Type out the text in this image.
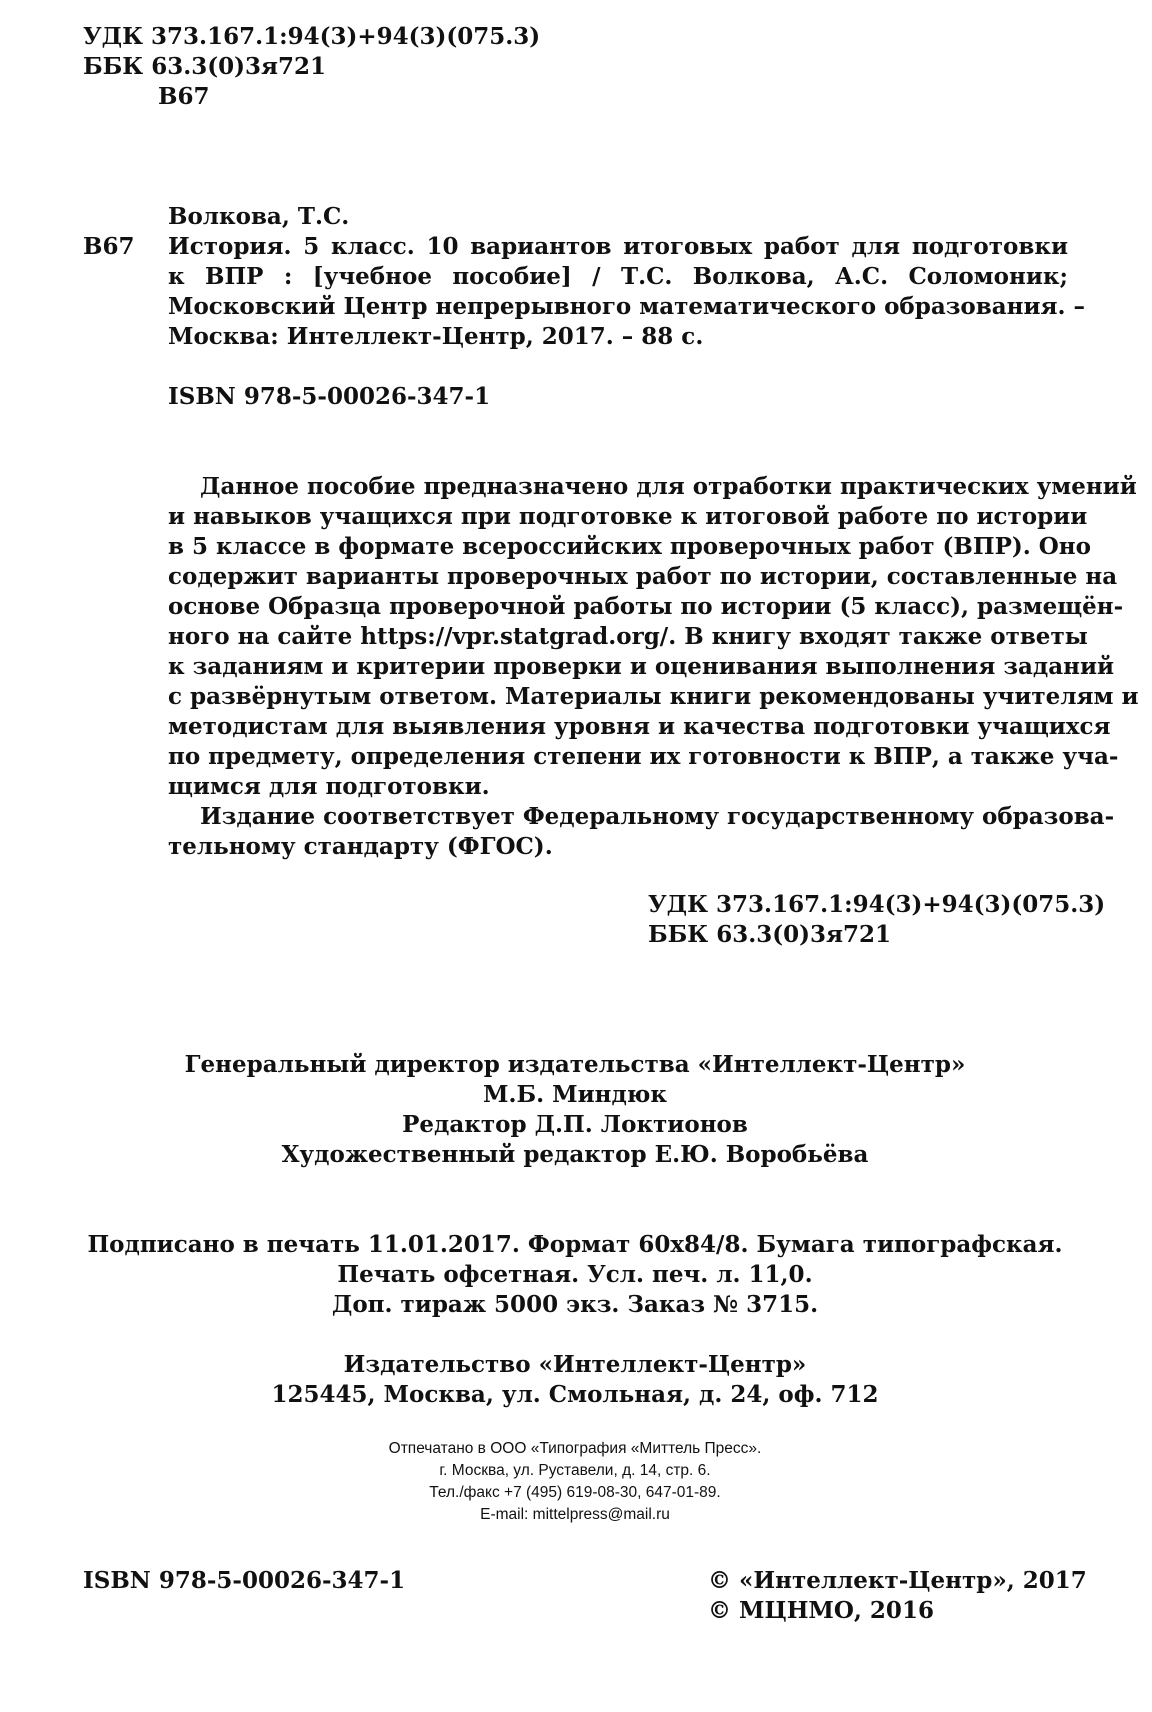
УДК 373.167.1:94(3)+94(3)(075.3)
ББК 63.3(0)3я721
В67
Волкова, Т.С.
В67 История. 5 класс. 10 вариантов итоговых работ для подготовки
к ВПР : [учебное пособие] / Т.С. Волкова, А.С. Соломоник;
Московский Центр непрерывного математического образования. –
Москва: Интеллект-Центр, 2017. – 88 с.
ISBN 978-5-00026-347-1
Данное пособие предназначено для отработки практических умений
и навыков учащихся при подготовке к итоговой работе по истории
в 5 классе в формате всероссийских проверочных работ (ВПР). Оно
содержит варианты проверочных работ по истории, составленные на
основе Образца проверочной работы по истории (5 класс), размещён-
ного на сайте https://vpr.statgrad.org/. В книгу входят также ответы
к заданиям и критерии проверки и оценивания выполнения заданий
с развёрнутым ответом. Материалы книги рекомендованы учителям и
методистам для выявления уровня и качества подготовки учащихся
по предмету, определения степени их готовности к ВПР, а также уча-
щимся для подготовки.
Издание соответствует Федеральному государственному образова-
тельному стандарту (ФГОС).
УДК 373.167.1:94(3)+94(3)(075.3)
ББК 63.3(0)3я721
Генеральный директор издательства «Интеллект-Центр»
М.Б. Миндюк
Редактор Д.П. Локтионов
Художественный редактор Е.Ю. Воробьёва
Подписано в печать 11.01.2017. Формат 60х84/8. Бумага типографская.
Печать офсетная. Усл. печ. л. 11,0.
Доп. тираж 5000 экз. Заказ № 3715.
Издательство «Интеллект-Центр»
125445, Москва, ул. Смольная, д. 24, оф. 712
Отпечатано в ООО «Типография «Миттель Пресс».
г. Москва, ул. Руставели, д. 14, стр. 6.
Тел./факс +7 (495) 619-08-30, 647-01-89.
E-mail: mittelpress@mail.ru
ISBN 978-5-00026-347-1	© «Интеллект-Центр», 2017
© МЦНМО, 2016
